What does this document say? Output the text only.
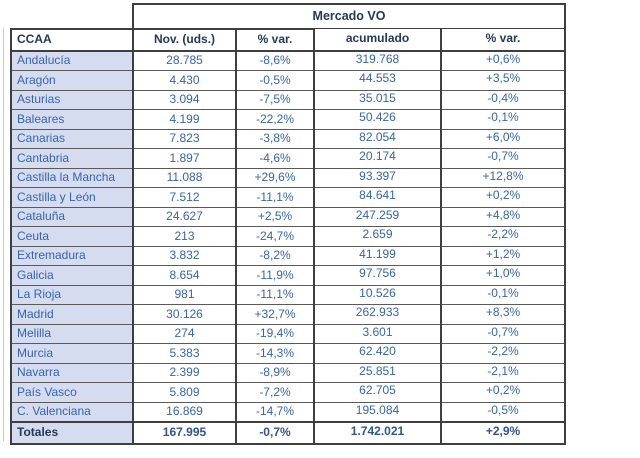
	Mercado VO			
CCAA	Nov. (uds.)	% var.	acumulado	% var.
Andalucía	28.785	-8,6%	319.768	+0,6%
Aragón	4.430	-0,5%	44.553	+3,5%
Asturias	3.094	-7,5%	35.015	-0,4%
Baleares	4.199	-22,2%	50.426	-0,1%
Canarias	7.823	-3,8%	82.054	+6,0%
Cantabria	1.897	-4,6%	20.174	-0,7%
Castilla la Mancha	11.088	+29,6%	93.397	+12,8%
Castilla y León	7.512	-11,1%	84.641	+0,2%
Cataluña	24.627	+2,5%	247.259	+4,8%
Ceuta	213	-24,7%	2.659	-2,2%
Extremadura	3.832	-8,2%	41.199	+1,2%
Galicia	8.654	-11,9%	97.756	+1,0%
La Rioja	981	-11,1%	10.526	-0,1%
Madrid	30.126	+32,7%	262.933	+8,3%
Melilla	274	-19,4%	3.601	-0,7%
Murcia	5.383	-14,3%	62.420	-2,2%
Navarra	2.399	-8,9%	25.851	-2,1%
País Vasco	5.809	-7,2%	62.705	+0,2%
C. Valenciana	16.869	-14,7%	195.084	-0,5%
Totales	167.995	-0,7%	1.742.021	+2,9%
